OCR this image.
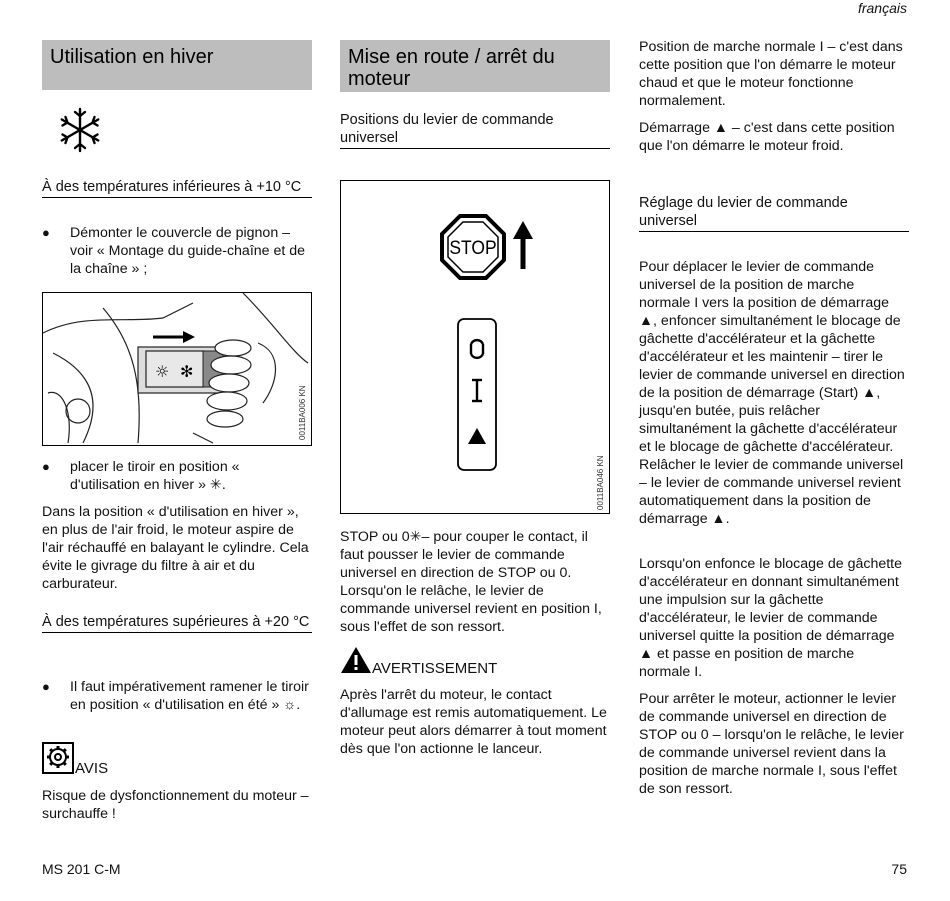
français
Utilisation en hiver
À des températures inférieures à +10 °C
●	Démonter le couvercle de pignon – voir « Montage du guide-chaîne et de la chaîne » ;
☼ ✻
0011BA006 KN
●	placer le tiroir en position « d'utilisation en hiver » ✳.

Dans la position « d'utilisation en hiver », en plus de l'air froid, le moteur aspire de l'air réchauffé en balayant le cylindre. Cela évite le givrage du filtre à air et du carburateur.

À des températures supérieures à +20 °C
●	Il faut impérativement ramener le tiroir en position « d'utilisation en été » ☼.
AVIS

Risque de dysfonctionnement du moteur – surchauffe !

Mise en route / arrêt du moteur
Positions du levier de commande universel
STOP
0011BA046 KN

STOP ou 0✳– pour couper le contact, il faut pousser le levier de commande universel en direction de STOP ou 0. Lorsqu'on le relâche, le levier de commande universel revient en position I, sous l'effet de son ressort.

AVERTISSEMENT

Après l'arrêt du moteur, le contact d'allumage est remis automatiquement. Le moteur peut alors démarrer à tout moment dès que l'on actionne le lanceur.

Position de marche normale I – c'est dans cette position que l'on démarre le moteur chaud et que le moteur fonctionne normalement.

Démarrage ▲ – c'est dans cette position que l'on démarre le moteur froid.

Réglage du levier de commande universel

Pour déplacer le levier de commande universel de la position de marche normale I vers la position de démarrage ▲, enfoncer simultanément le blocage de gâchette d'accélérateur et la gâchette d'accélérateur et les maintenir – tirer le levier de commande universel en direction de la position de démarrage (Start) ▲, jusqu'en butée, puis relâcher simultanément la gâchette d'accélérateur et le blocage de gâchette d'accélérateur. Relâcher le levier de commande universel – le levier de commande universel revient automatiquement dans la position de démarrage ▲.

Lorsqu'on enfonce le blocage de gâchette d'accélérateur en donnant simultanément une impulsion sur la gâchette d'accélérateur, le levier de commande universel quitte la position de démarrage ▲ et passe en position de marche normale I.

Pour arrêter le moteur, actionner le levier de commande universel en direction de STOP ou 0 – lorsqu'on le relâche, le levier de commande universel revient dans la position de marche normale I, sous l'effet de son ressort.

MS 201 C-M	75
